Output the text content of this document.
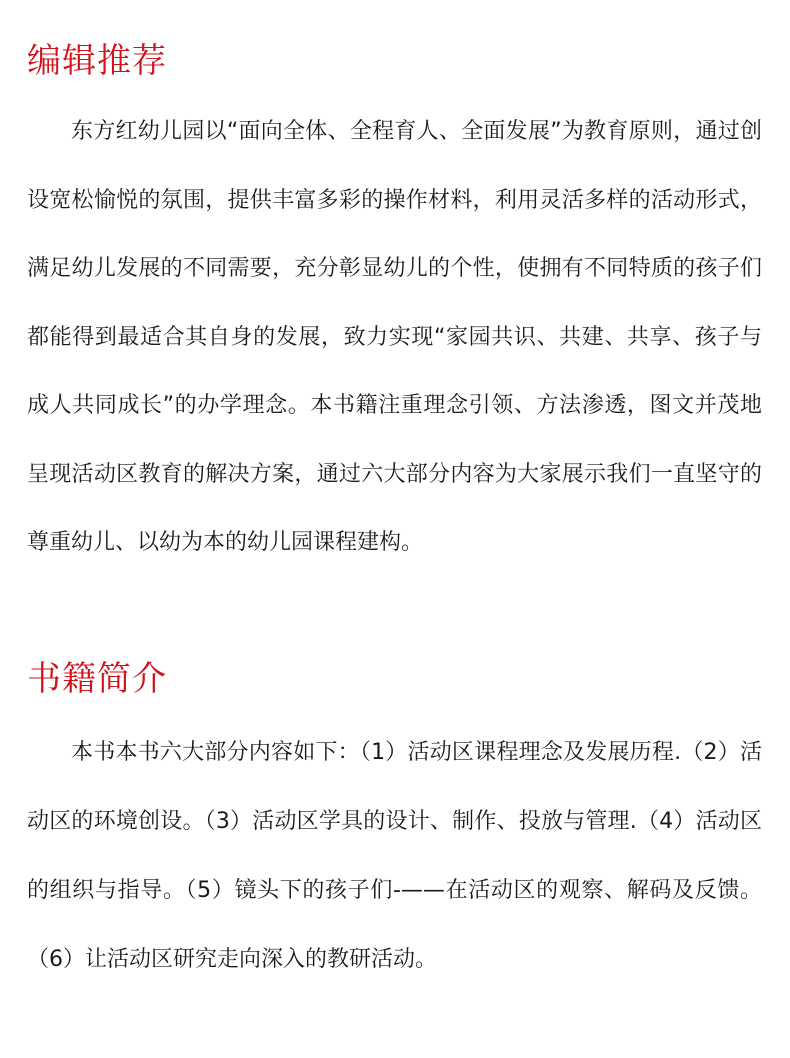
编辑推荐

东方红幼儿园以“面向全体、全程育人、全面发展”为教育原则，通过创设宽松愉悦的氛围，提供丰富多彩的操作材料，利用灵活多样的活动形式，满足幼儿发展的不同需要，充分彰显幼儿的个性，使拥有不同特质的孩子们都能得到最适合其自身的发展，致力实现“家园共识、共建、共享、孩子与成人共同成长”的办学理念。本书籍注重理念引领、方法渗透，图文并茂地呈现活动区教育的解决方案，通过六大部分内容为大家展示我们一直坚守的尊重幼儿、以幼为本的幼儿园课程建构。

书籍简介

本书本书六大部分内容如下：（1）活动区课程理念及发展历程.（2）活动区的环境创设。（3）活动区学具的设计、制作、投放与管理.（4）活动区的组织与指导。（5）镜头下的孩子们-——在活动区的观察、解码及反馈。（6）让活动区研究走向深入的教研活动。
